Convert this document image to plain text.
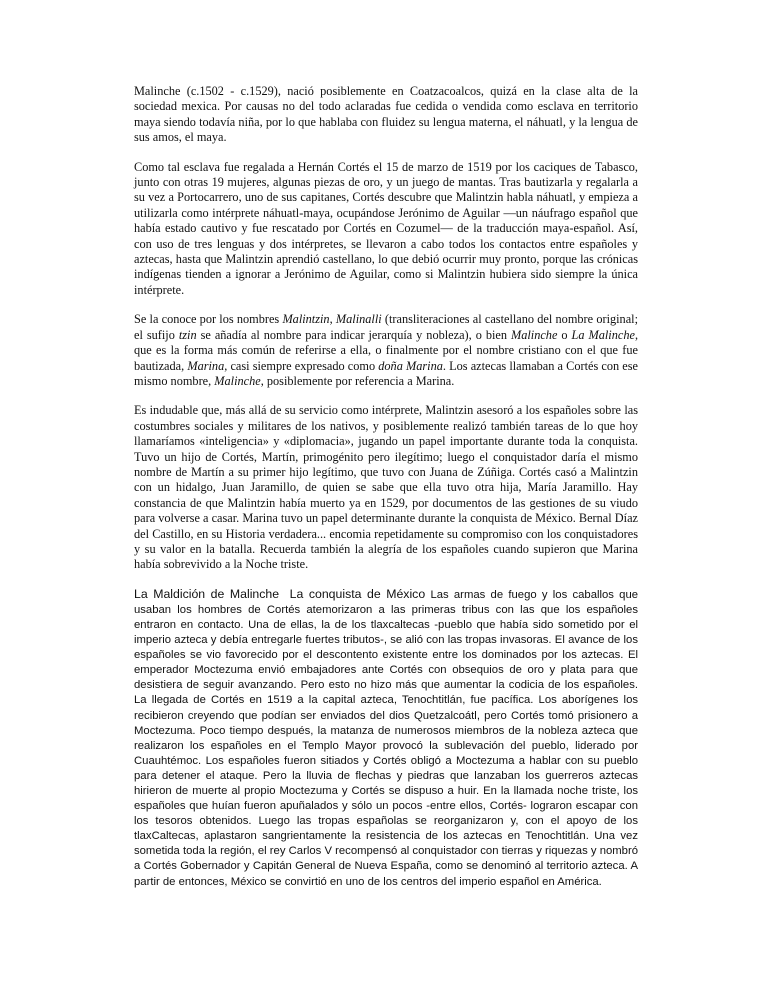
Malinche (c.1502 - c.1529), nació posiblemente en Coatzacoalcos, quizá en la clase alta de la sociedad mexica. Por causas no del todo aclaradas fue cedida o vendida como esclava en territorio maya siendo todavía niña, por lo que hablaba con fluidez su lengua materna, el náhuatl, y la lengua de sus amos, el maya.

Como tal esclava fue regalada a Hernán Cortés el 15 de marzo de 1519 por los caciques de Tabasco, junto con otras 19 mujeres, algunas piezas de oro, y un juego de mantas. Tras bautizarla y regalarla a su vez a Portocarrero, uno de sus capitanes, Cortés descubre que Malintzin habla náhuatl, y empieza a utilizarla como intérprete náhuatl-maya, ocupándose Jerónimo de Aguilar —un náufrago español que había estado cautivo y fue rescatado por Cortés en Cozumel— de la traducción maya-español. Así, con uso de tres lenguas y dos intérpretes, se llevaron a cabo todos los contactos entre españoles y aztecas, hasta que Malintzin aprendió castellano, lo que debió ocurrir muy pronto, porque las crónicas indígenas tienden a ignorar a Jerónimo de Aguilar, como si Malintzin hubiera sido siempre la única intérprete.

Se la conoce por los nombres Malintzin, Malinalli (transliteraciones al castellano del nombre original; el sufijo tzin se añadía al nombre para indicar jerarquía y nobleza), o bien Malinche o La Malinche, que es la forma más común de referirse a ella, o finalmente por el nombre cristiano con el que fue bautizada, Marina, casi siempre expresado como doña Marina. Los aztecas llamaban a Cortés con ese mismo nombre, Malinche, posiblemente por referencia a Marina.

Es indudable que, más allá de su servicio como intérprete, Malintzin asesoró a los españoles sobre las costumbres sociales y militares de los nativos, y posiblemente realizó también tareas de lo que hoy llamaríamos «inteligencia» y «diplomacia», jugando un papel importante durante toda la conquista. Tuvo un hijo de Cortés, Martín, primogénito pero ilegítimo; luego el conquistador daría el mismo nombre de Martín a su primer hijo legítimo, que tuvo con Juana de Zúñiga. Cortés casó a Malintzin con un hidalgo, Juan Jaramillo, de quien se sabe que ella tuvo otra hija, María Jaramillo. Hay constancia de que Malintzin había muerto ya en 1529, por documentos de las gestiones de su viudo para volverse a casar. Marina tuvo un papel determinante durante la conquista de México. Bernal Díaz del Castillo, en su Historia verdadera... encomia repetidamente su compromiso con los conquistadores y su valor en la batalla. Recuerda también la alegría de los españoles cuando supieron que Marina había sobrevivido a la Noche triste.

La Maldición de Malinche La conquista de México Las armas de fuego y los caballos que usaban los hombres de Cortés atemorizaron a las primeras tribus con las que los españoles entraron en contacto. Una de ellas, la de los tlaxcaltecas -pueblo que había sido sometido por el imperio azteca y debía entregarle fuertes tributos-, se alió con las tropas invasoras. El avance de los españoles se vio favorecido por el descontento existente entre los dominados por los aztecas. El emperador Moctezuma envió embajadores ante Cortés con obsequios de oro y plata para que desistiera de seguir avanzando. Pero esto no hizo más que aumentar la codicia de los españoles. La llegada de Cortés en 1519 a la capital azteca, Tenochtitlán, fue pacífica. Los aborígenes los recibieron creyendo que podían ser enviados del dios Quetzalcoátl, pero Cortés tomó prisionero a Moctezuma. Poco tiempo después, la matanza de numerosos miembros de la nobleza azteca que realizaron los españoles en el Templo Mayor provocó la sublevación del pueblo, liderado por Cuauhtémoc. Los españoles fueron sitiados y Cortés obligó a Moctezuma a hablar con su pueblo para detener el ataque. Pero la lluvia de flechas y piedras que lanzaban los guerreros aztecas hirieron de muerte al propio Moctezuma y Cortés se dispuso a huir. En la llamada noche triste, los españoles que huían fueron apuñalados y sólo un pocos -entre ellos, Cortés- lograron escapar con los tesoros obtenidos. Luego las tropas españolas se reorganizaron y, con el apoyo de los tlaxCaltecas, aplastaron sangrientamente la resistencia de los aztecas en Tenochtitlán. Una vez sometida toda la región, el rey Carlos V recompensó al conquistador con tierras y riquezas y nombró a Cortés Gobernador y Capitán General de Nueva España, como se denominó al territorio azteca. A partir de entonces, México se convirtió en uno de los centros del imperio español en América.
